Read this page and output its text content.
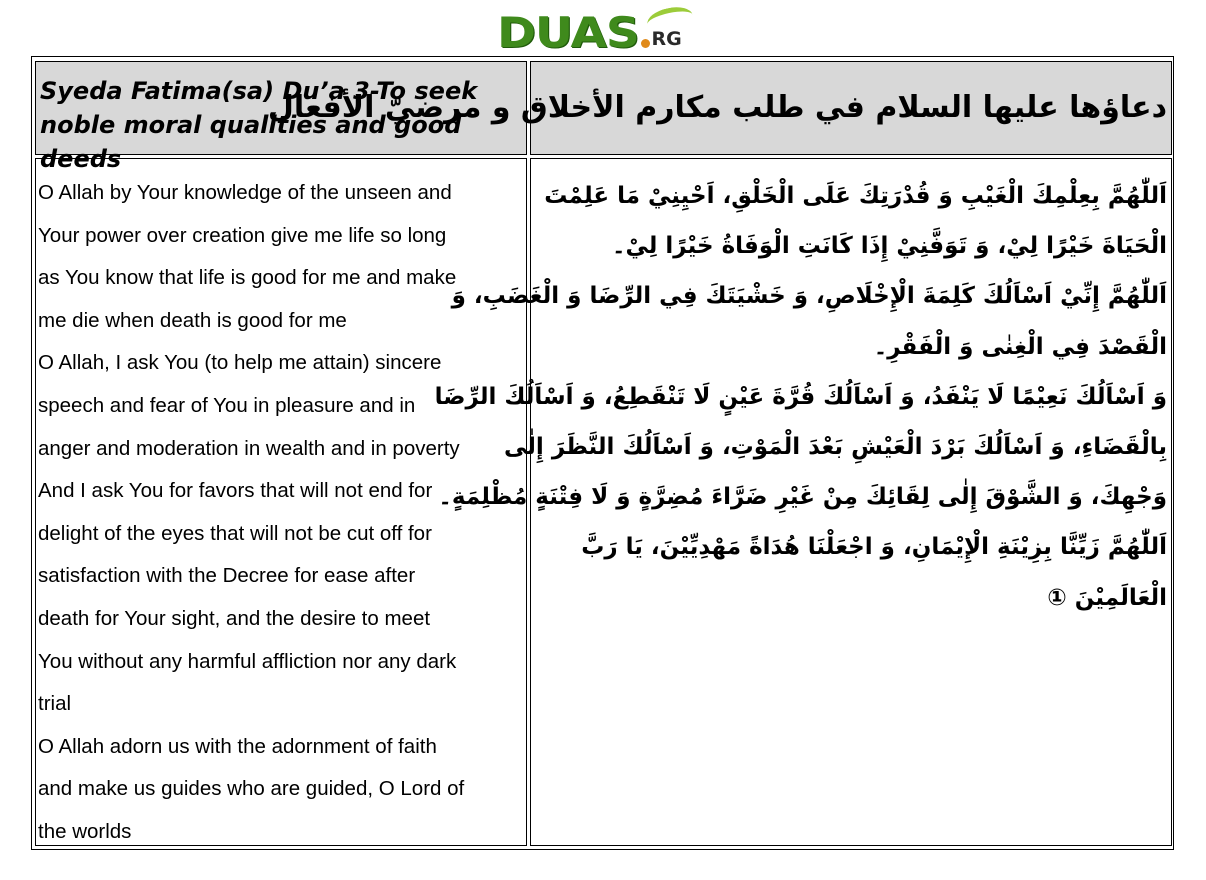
DUAS RG

Syeda Fatima(sa) Du’a 3-To seek noble moral qualities and good deeds

دعاؤها عليها السلام في طلب مكارم الأخلاق و مرضيّ الأفعال

O Allah by Your knowledge of the unseen and
Your power over creation give me life so long
as You know that life is good for me and make
me die when death is good for me
O Allah, I ask You (to help me attain) sincere
speech and fear of You in pleasure and in
anger and moderation in wealth and in poverty
And I ask You for favors that will not end for
delight of the eyes that will not be cut off for
satisfaction with the Decree for ease after
death for Your sight, and the desire to meet
You without any harmful affliction nor any dark
trial
O Allah adorn us with the adornment of faith
and make us guides who are guided, O Lord of
the worlds
اَللّٰهُمَّ بِعِلْمِكَ الْغَيْبِ وَ قُدْرَتِكَ عَلَى الْخَلْقِ، اَحْيِنِيْ مَا عَلِمْتَ
الْحَيَاةَ خَيْرًا لِيْ، وَ تَوَفَّنِيْ إِذَا كَانَتِ الْوَفَاةُ خَيْرًا لِيْ۔
اَللّٰهُمَّ إِنِّيْ اَسْاَلُكَ كَلِمَةَ الْإِخْلَاصِ، وَ خَشْيَتَكَ فِي الرِّضَا وَ الْغَضَبِ، وَ
الْقَصْدَ فِي الْغِنٰى وَ الْفَقْرِ۔
وَ اَسْاَلُكَ نَعِيْمًا لَا يَنْفَدُ، وَ اَسْاَلُكَ قُرَّةَ عَيْنٍ لَا تَنْقَطِعُ، وَ اَسْاَلُكَ الرِّضَا
بِالْقَضَاءِ، وَ اَسْاَلُكَ بَرْدَ الْعَيْشِ بَعْدَ الْمَوْتِ، وَ اَسْاَلُكَ النَّظَرَ إِلٰى
وَجْهِكَ، وَ الشَّوْقَ إِلٰى لِقَائِكَ مِنْ غَيْرِ ضَرَّاءَ مُضِرَّةٍ وَ لَا فِتْنَةٍ مُظْلِمَةٍ۔
اَللّٰهُمَّ زَيِّنَّا بِزِيْنَةِ الْإِيْمَانِ، وَ اجْعَلْنَا هُدَاةً مَهْدِيِّيْنَ، يَا رَبَّ
الْعَالَمِيْنَ ①
